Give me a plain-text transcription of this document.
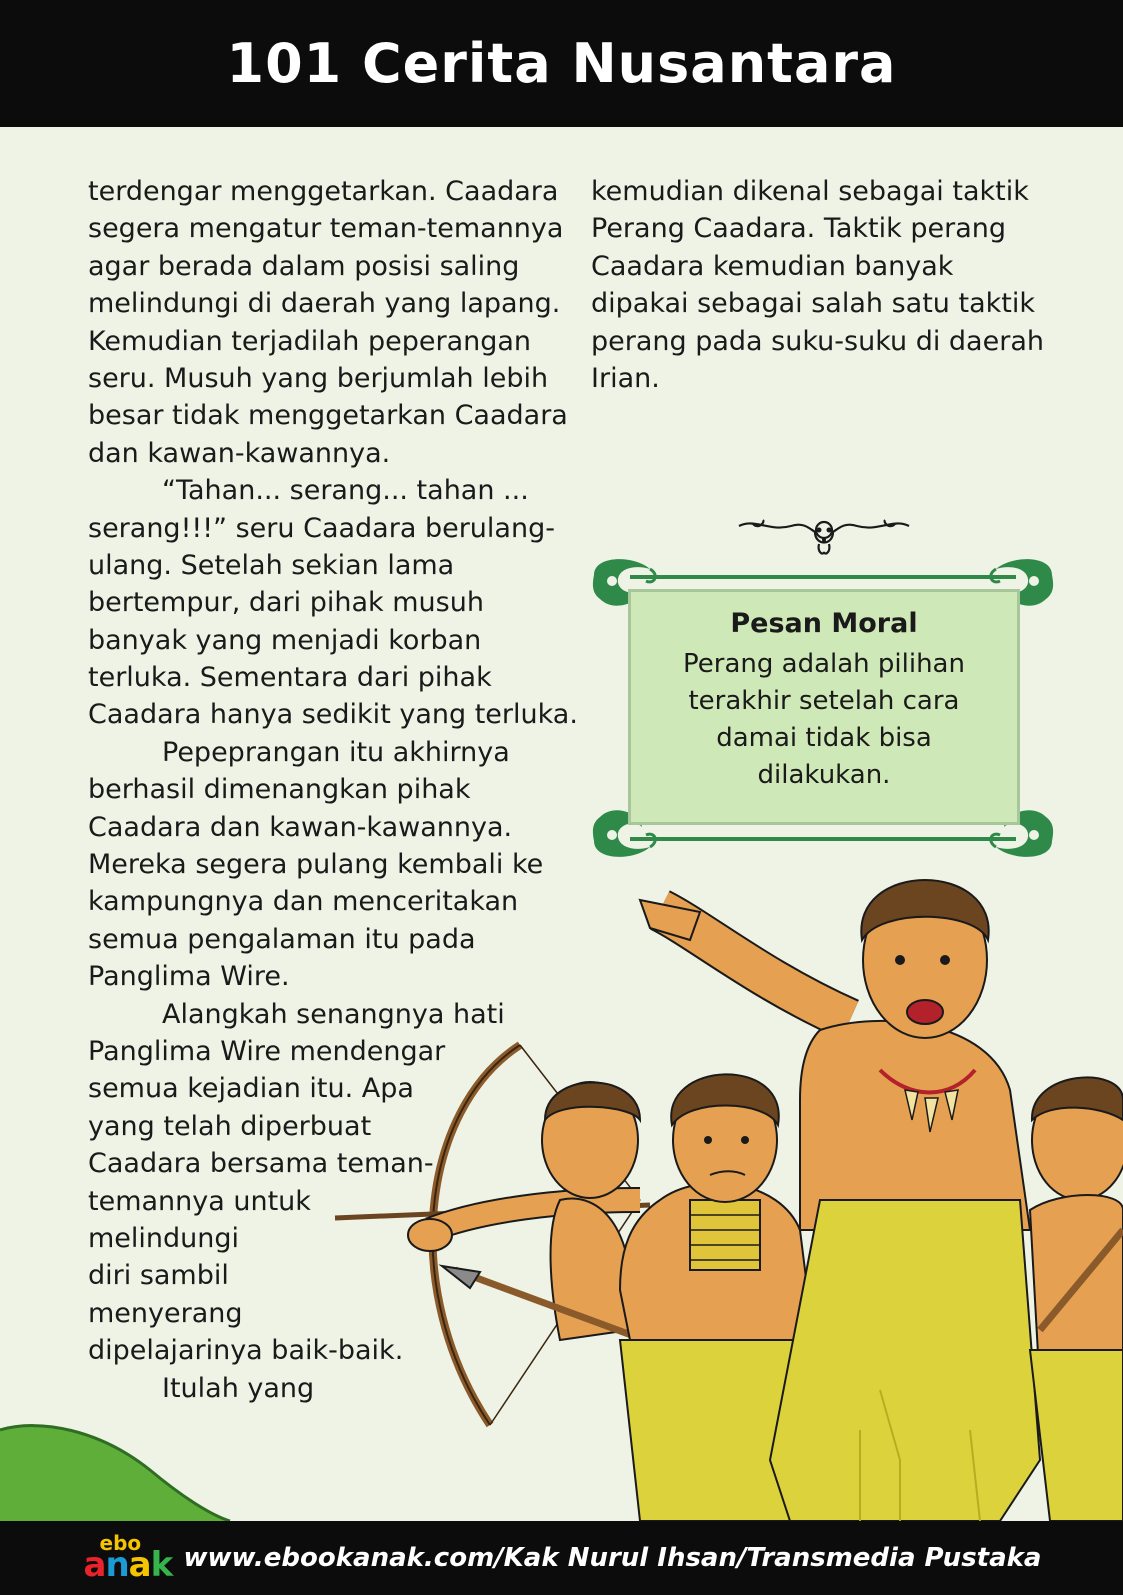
101 Cerita Nusantara
terdengar menggetarkan. Caadara
segera mengatur teman-temannya
agar berada dalam posisi saling
melindungi di daerah yang lapang.
Kemudian terjadilah peperangan
seru. Musuh yang berjumlah lebih
besar tidak menggetarkan Caadara
dan kawan-kawannya.
“Tahan... serang... tahan ...
serang!!!” seru Caadara berulang-
ulang. Setelah sekian lama
bertempur, dari pihak musuh
banyak yang menjadi korban
terluka. Sementara dari pihak
Caadara hanya sedikit yang terluka.
Pepeprangan itu akhirnya
berhasil dimenangkan pihak
Caadara dan kawan-kawannya.
Mereka segera pulang kembali ke
kampungnya dan menceritakan
semua pengalaman itu pada
Panglima Wire.
Alangkah senangnya hati
Panglima Wire mendengar
semua kejadian itu. Apa
yang telah diperbuat
Caadara bersama teman-
temannya untuk
melindungi
diri sambil
menyerang
dipelajarinya baik-baik.
Itulah yang
kemudian dikenal sebagai taktik
Perang Caadara. Taktik perang
Caadara kemudian banyak
dipakai sebagai salah satu taktik
perang pada suku-suku di daerah
Irian.
Pesan Moral
Perang adalah pilihan
terakhir setelah cara
damai tidak bisa
dilakukan.
ebo
anak www.ebookanak.com/Kak Nurul Ihsan/Transmedia Pustaka
